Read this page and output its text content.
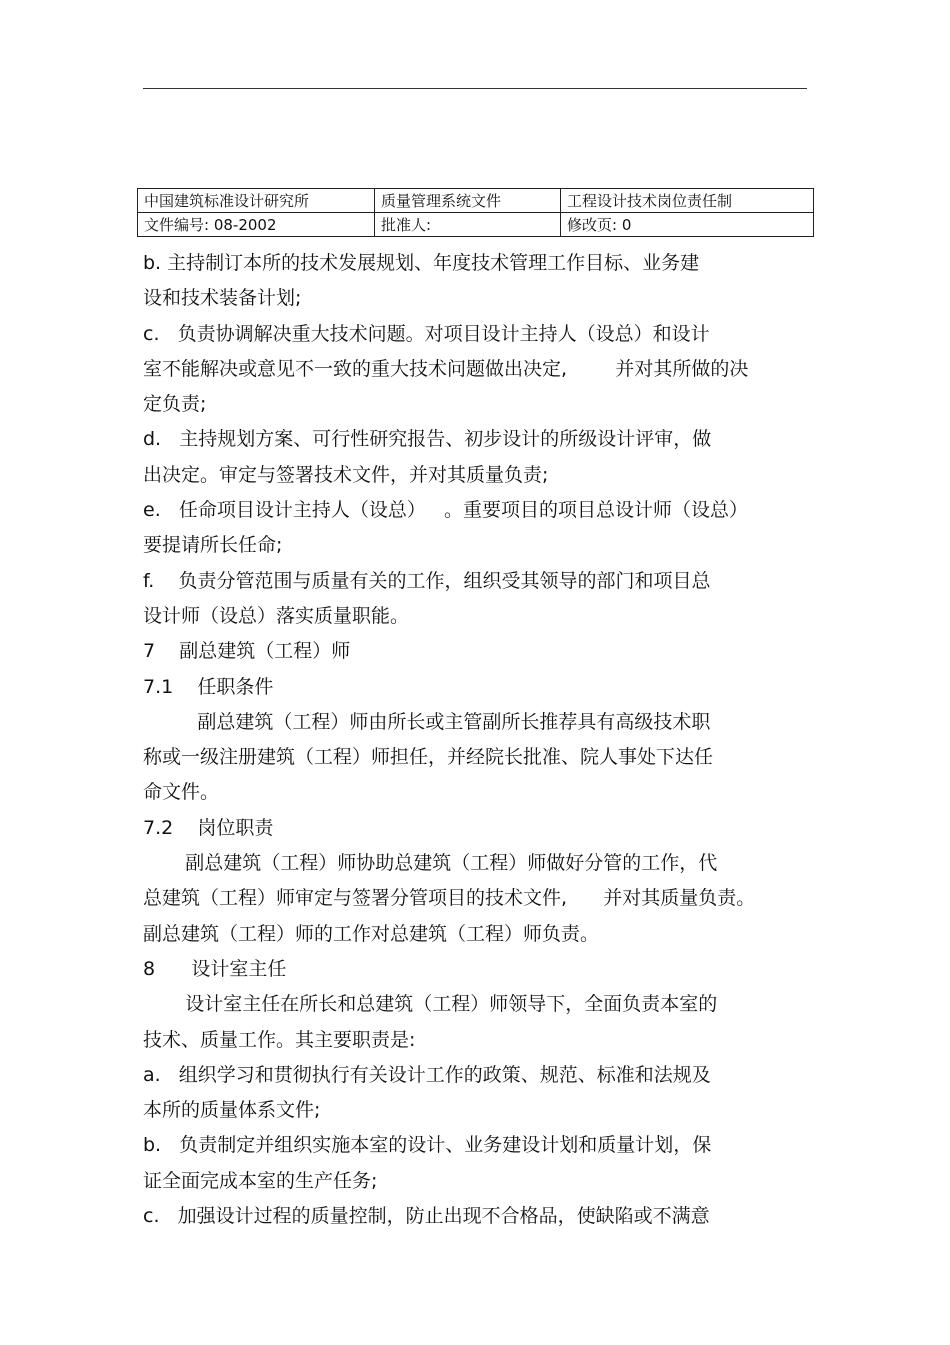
中国建筑标准设计研究所	质量管理系统文件	工程设计技术岗位责任制
文件编号: 08-2002	批准人:	修改页: 0
b. 主持制订本所的技术发展规划、年度技术管理工作目标、业务建
设和技术装备计划;
c.   负责协调解决重大技术问题。对项目设计主持人（设总）和设计
室不能解决或意见不一致的重大技术问题做出决定,        并对其所做的决
定负责;
d.   主持规划方案、可行性研究报告、初步设计的所级设计评审，做
出决定。审定与签署技术文件，并对其质量负责;
e.   任命项目设计主持人（设总）   。重要项目的项目总设计师（设总）
要提请所长任命;
f.    负责分管范围与质量有关的工作，组织受其领导的部门和项目总
设计师（设总）落实质量职能。
7    副总建筑（工程）师
7.1    任职条件
副总建筑（工程）师由所长或主管副所长推荐具有高级技术职
称或一级注册建筑（工程）师担任，并经院长批准、院人事处下达任
命文件。
7.2    岗位职责
副总建筑（工程）师协助总建筑（工程）师做好分管的工作，代
总建筑（工程）师审定与签署分管项目的技术文件,      并对其质量负责。
副总建筑（工程）师的工作对总建筑（工程）师负责。
8      设计室主任
设计室主任在所长和总建筑（工程）师领导下，全面负责本室的
技术、质量工作。其主要职责是:
a.   组织学习和贯彻执行有关设计工作的政策、规范、标准和法规及
本所的质量体系文件;
b.   负责制定并组织实施本室的设计、业务建设计划和质量计划，保
证全面完成本室的生产任务;
c.   加强设计过程的质量控制，防止出现不合格品，使缺陷或不满意
